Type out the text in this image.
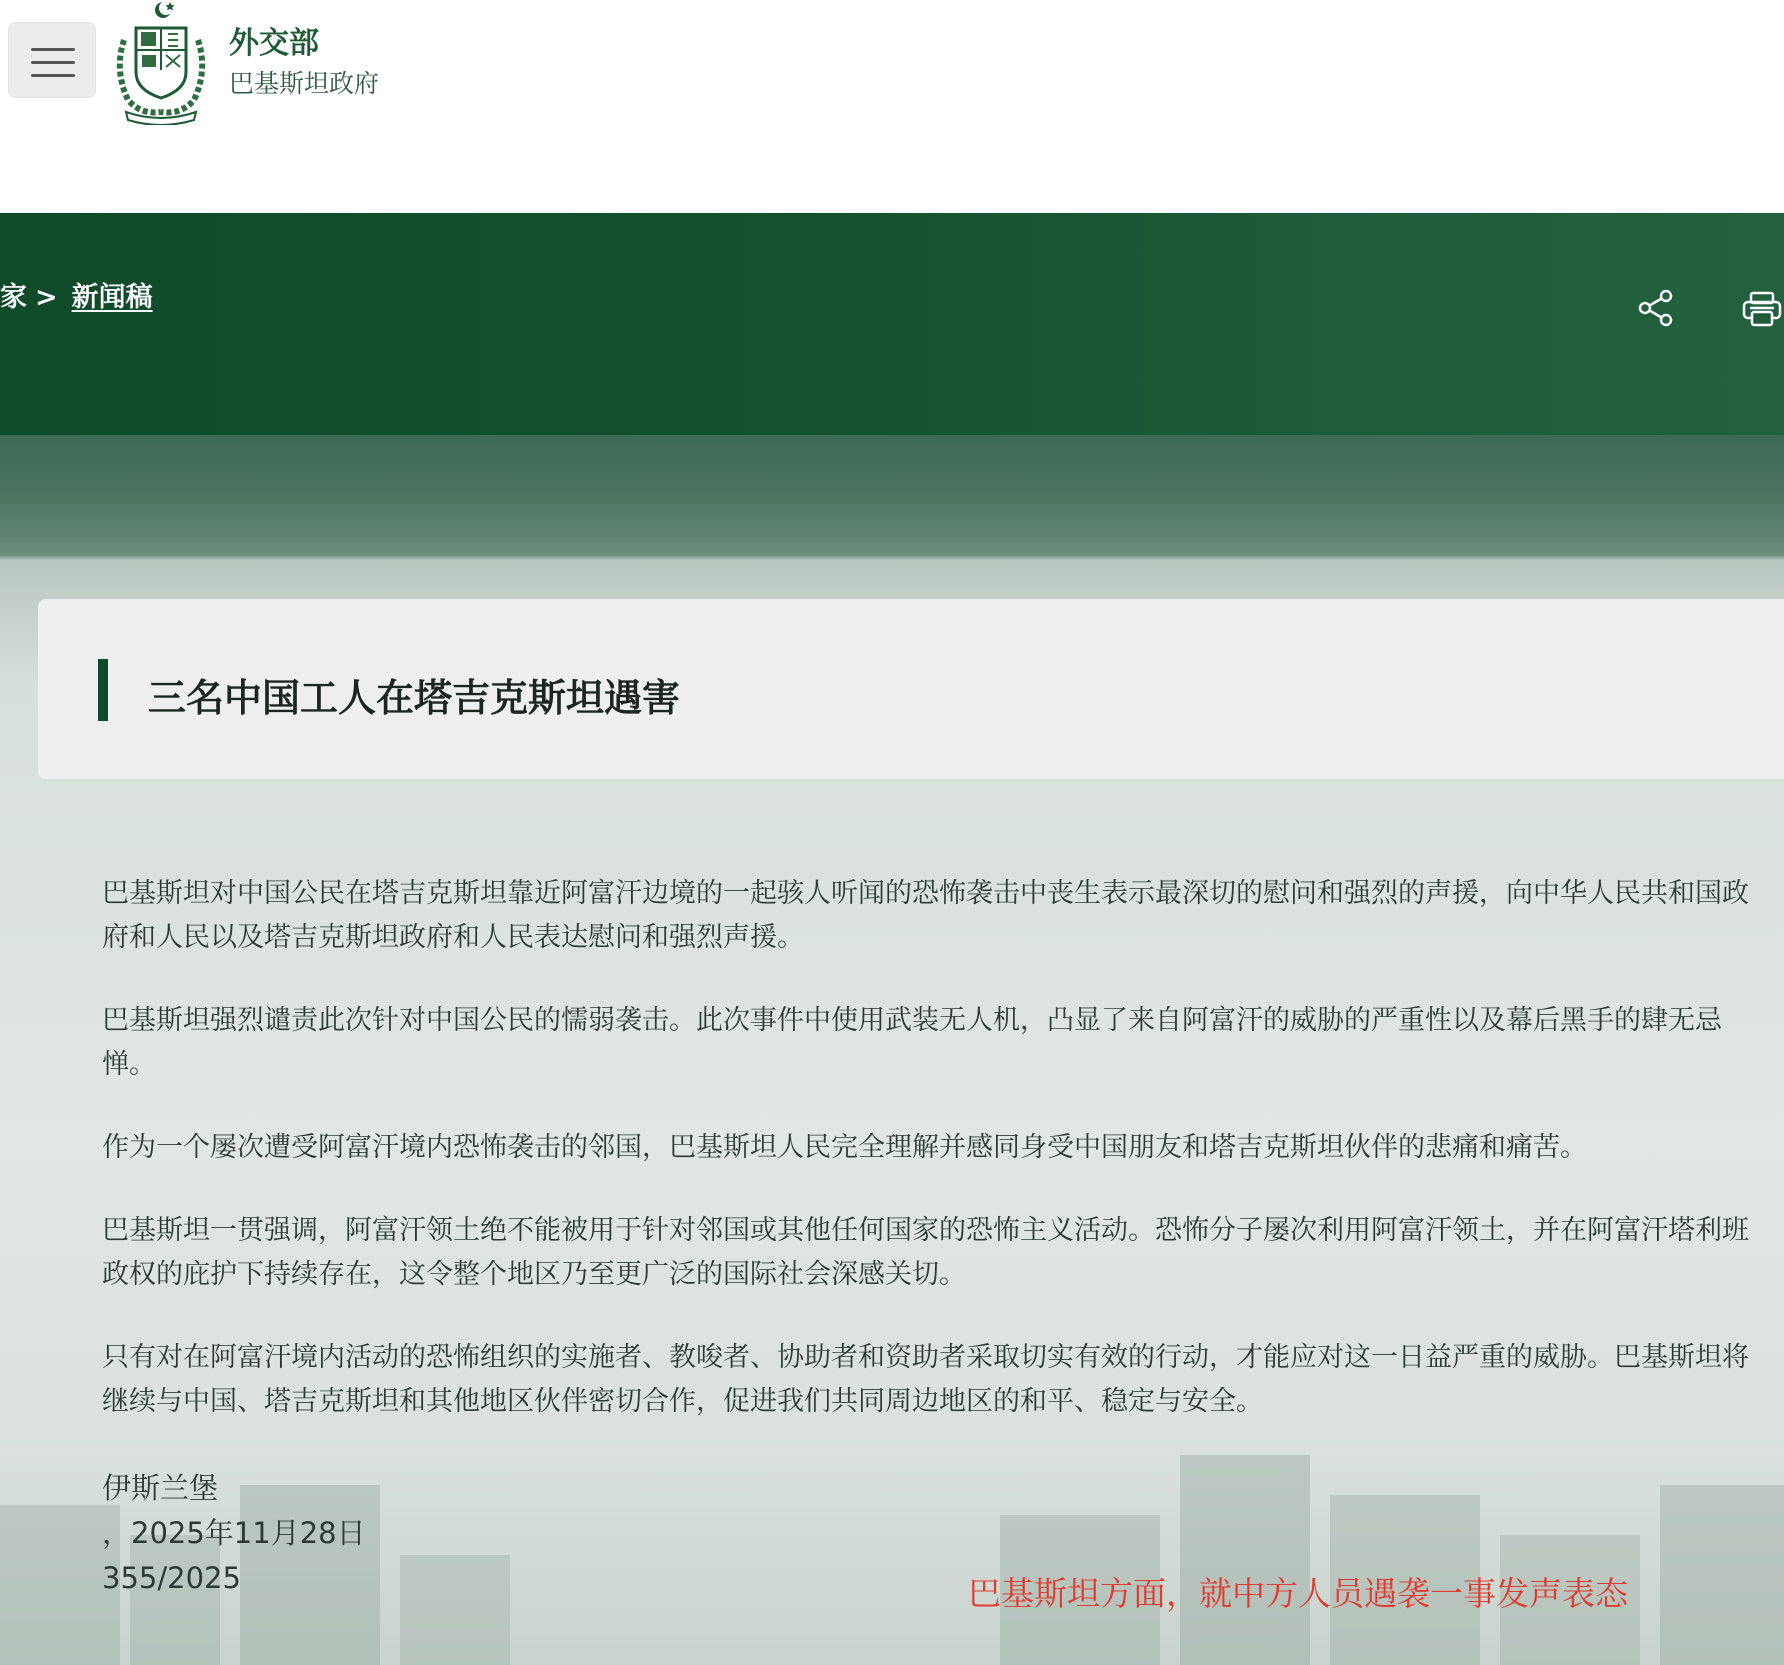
外交部
巴基斯坦政府
家 > 新闻稿
三名中国工人在塔吉克斯坦遇害

巴基斯坦对中国公民在塔吉克斯坦靠近阿富汗边境的一起骇人听闻的恐怖袭击中丧生表示最深切的慰问和强烈的声援，向中华人民共和国政府和人民以及塔吉克斯坦政府和人民表达慰问和强烈声援。

巴基斯坦强烈谴责此次针对中国公民的懦弱袭击。此次事件中使用武装无人机，凸显了来自阿富汗的威胁的严重性以及幕后黑手的肆无忌惮。

作为一个屡次遭受阿富汗境内恐怖袭击的邻国，巴基斯坦人民完全理解并感同身受中国朋友和塔吉克斯坦伙伴的悲痛和痛苦。

巴基斯坦一贯强调，阿富汗领土绝不能被用于针对邻国或其他任何国家的恐怖主义活动。恐怖分子屡次利用阿富汗领土，并在阿富汗塔利班政权的庇护下持续存在，这令整个地区乃至更广泛的国际社会深感关切。

只有对在阿富汗境内活动的恐怖组织的实施者、教唆者、协助者和资助者采取切实有效的行动，才能应对这一日益严重的威胁。巴基斯坦将继续与中国、塔吉克斯坦和其他地区伙伴密切合作，促进我们共同周边地区的和平、稳定与安全。

伊斯兰堡
，2025年11月28日
355/2025	巴基斯坦方面，就中方人员遇袭一事发声表态
